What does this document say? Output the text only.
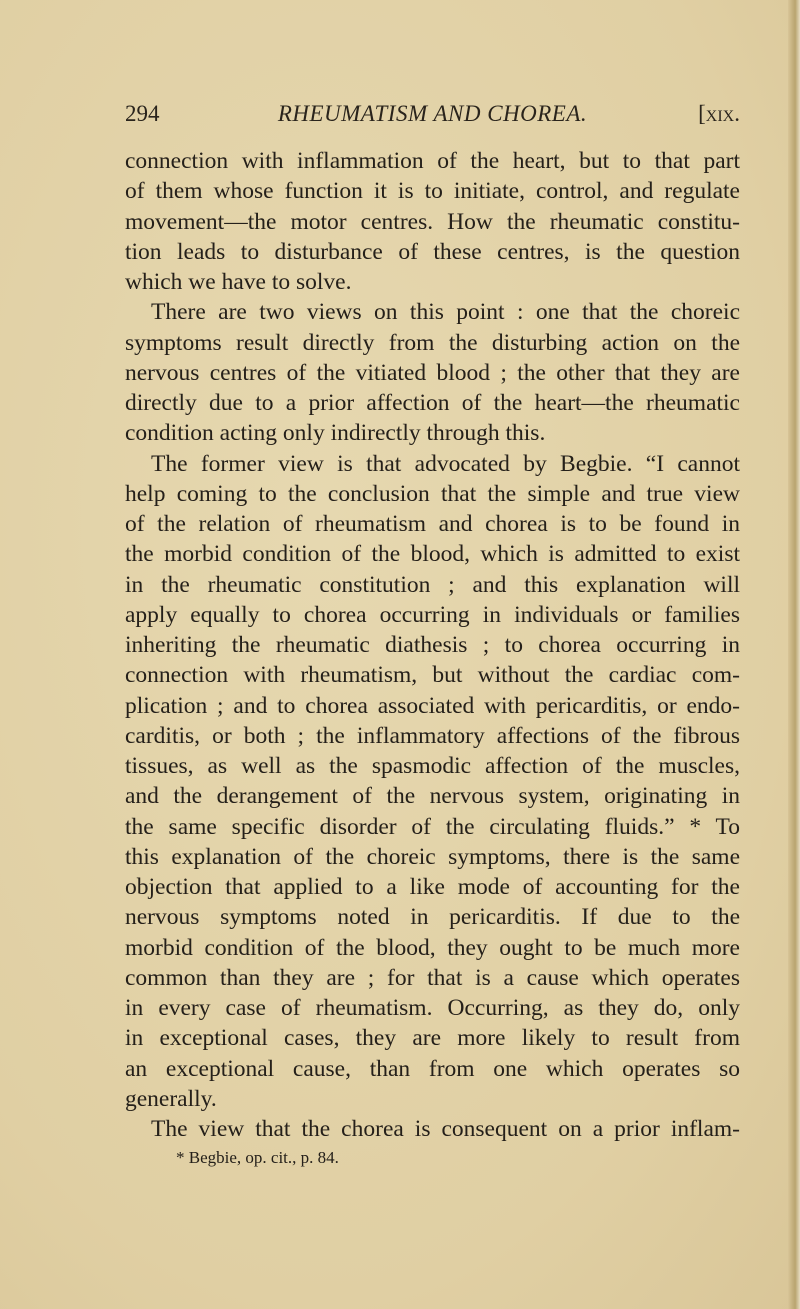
294	RHEUMATISM AND CHOREA.	[xix.
connection with inflammation of the heart, but to that part
of them whose function it is to initiate, control, and regulate
movement—the motor centres. How the rheumatic constitu-
tion leads to disturbance of these centres, is the question
which we have to solve.
There are two views on this point : one that the choreic
symptoms result directly from the disturbing action on the
nervous centres of the vitiated blood ; the other that they are
directly due to a prior affection of the heart—the rheumatic
condition acting only indirectly through this.
The former view is that advocated by Begbie. “I cannot
help coming to the conclusion that the simple and true view
of the relation of rheumatism and chorea is to be found in
the morbid condition of the blood, which is admitted to exist
in the rheumatic constitution ; and this explanation will
apply equally to chorea occurring in individuals or families
inheriting the rheumatic diathesis ; to chorea occurring in
connection with rheumatism, but without the cardiac com-
plication ; and to chorea associated with pericarditis, or endo-
carditis, or both ; the inflammatory affections of the fibrous
tissues, as well as the spasmodic affection of the muscles,
and the derangement of the nervous system, originating in
the same specific disorder of the circulating fluids.” * To
this explanation of the choreic symptoms, there is the same
objection that applied to a like mode of accounting for the
nervous symptoms noted in pericarditis. If due to the
morbid condition of the blood, they ought to be much more
common than they are ; for that is a cause which operates
in every case of rheumatism. Occurring, as they do, only
in exceptional cases, they are more likely to result from
an exceptional cause, than from one which operates so
generally.
The view that the chorea is consequent on a prior inflam-
* Begbie, op. cit., p. 84.
